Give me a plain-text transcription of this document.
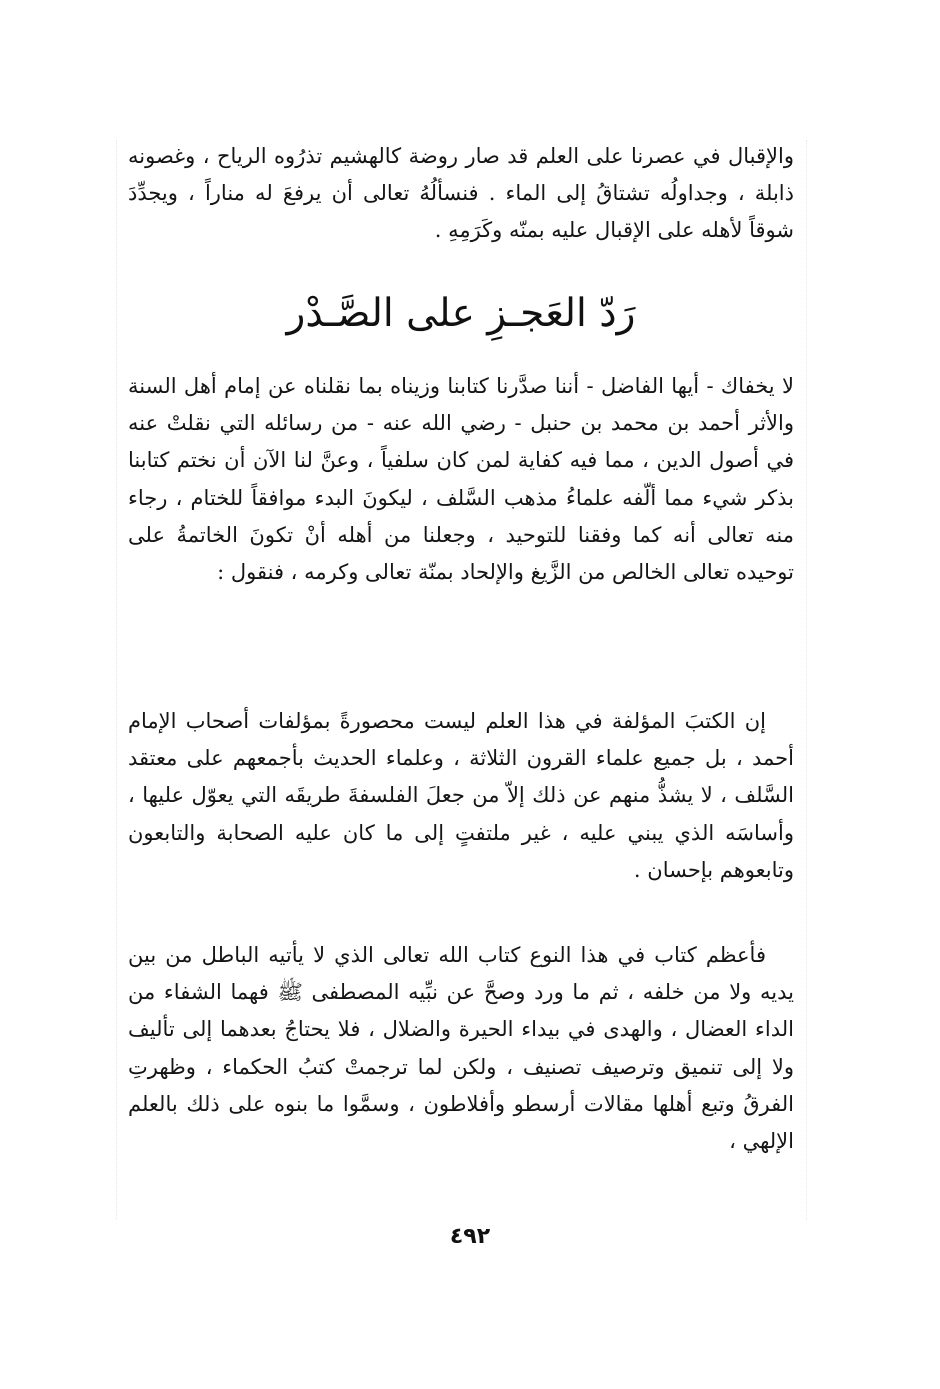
والإقبال في عصرنا على العلم قد صار روضة كالهشيم تذرُوه الرياح ، وغصونه ذابلة ، وجداولُه تشتاقُ إلى الماء . فنسألُهُ تعالى أن يرفعَ له مناراً ، ويجدِّدَ شوقاً لأهله على الإقبال عليه بمنّه وكَرَمِهِ .

رَدّ العَجـزِ على الصَّـدْر

لا يخفاك - أيها الفاضل - أننا صدَّرنا كتابنا وزيناه بما نقلناه عن إمام أهل السنة والأثر أحمد بن محمد بن حنبل - رضي الله عنه - من رسائله التي نقلتْ عنه في أصول الدين ، مما فيه كفاية لمن كان سلفياً ، وعنَّ لنا الآن أن نختم كتابنا بذكر شيء مما ألّفه علماءُ مذهب السَّلف ، ليكونَ البدء موافقاً للختام ، رجاء منه تعالى أنه كما وفقنا للتوحيد ، وجعلنا من أهله أنْ تكونَ الخاتمةُ على توحيده تعالى الخالص من الزَّيغ والإلحاد بمنّة تعالى وكرمه ، فنقول :

إن الكتبَ المؤلفة في هذا العلم ليست محصورةً بمؤلفات أصحاب الإمام أحمد ، بل جميع علماء القرون الثلاثة ، وعلماء الحديث بأجمعهم على معتقد السَّلف ، لا يشذُّ منهم عن ذلك إلاّ من جعلَ الفلسفةَ طريقَه التي يعوّل عليها ، وأساسَه الذي يبني عليه ، غير ملتفتٍ إلى ما كان عليه الصحابة والتابعون وتابعوهم بإحسان .

فأعظم كتاب في هذا النوع كتاب الله تعالى الذي لا يأتيه الباطل من بين يديه ولا من خلفه ، ثم ما ورد وصحَّ عن نبِّيه المصطفى ﷺ فهما الشفاء من الداء العضال ، والهدى في بيداء الحيرة والضلال ، فلا يحتاجُ بعدهما إلى تأليف ولا إلى تنميق وترصيف تصنيف ، ولكن لما ترجمتْ كتبُ الحكماء ، وظهرتِ الفرقُ وتبع أهلها مقالات أرسطو وأفلاطون ، وسمَّوا ما بنوه على ذلك بالعلم الإلهي ،

٤٩٢
